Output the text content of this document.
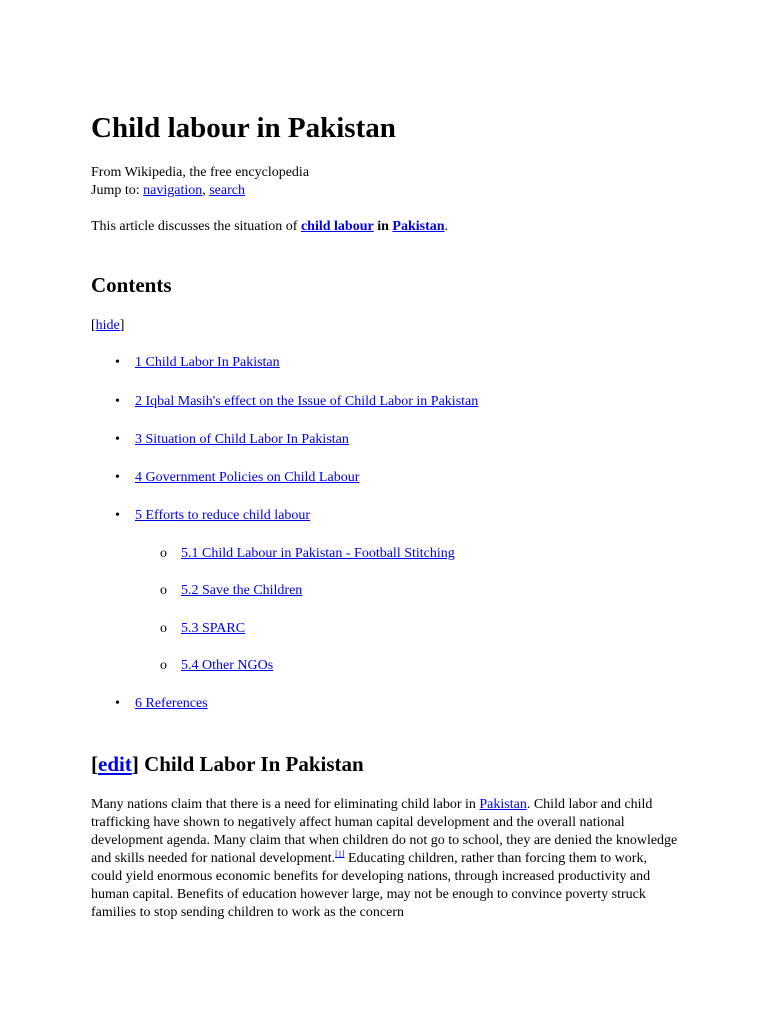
Child labour in Pakistan
From Wikipedia, the free encyclopedia
Jump to: navigation, search
This article discusses the situation of child labour in Pakistan.
Contents
[hide]
• 1 Child Labor In Pakistan
• 2 Iqbal Masih's effect on the Issue of Child Labor in Pakistan
• 3 Situation of Child Labor In Pakistan
• 4 Government Policies on Child Labour
• 5 Efforts to reduce child labour
o 5.1 Child Labour in Pakistan - Football Stitching
o 5.2 Save the Children
o 5.3 SPARC
o 5.4 Other NGOs
• 6 References
[edit] Child Labor In Pakistan

Many nations claim that there is a need for eliminating child labor in Pakistan. Child labor and child trafficking have shown to negatively affect human capital development and the overall national development agenda. Many claim that when children do not go to school, they are denied the knowledge and skills needed for national development.[1] Educating children, rather than forcing them to work, could yield enormous economic benefits for developing nations, through increased productivity and human capital. Benefits of education however large, may not be enough to convince poverty struck families to stop sending children to work as the concern
